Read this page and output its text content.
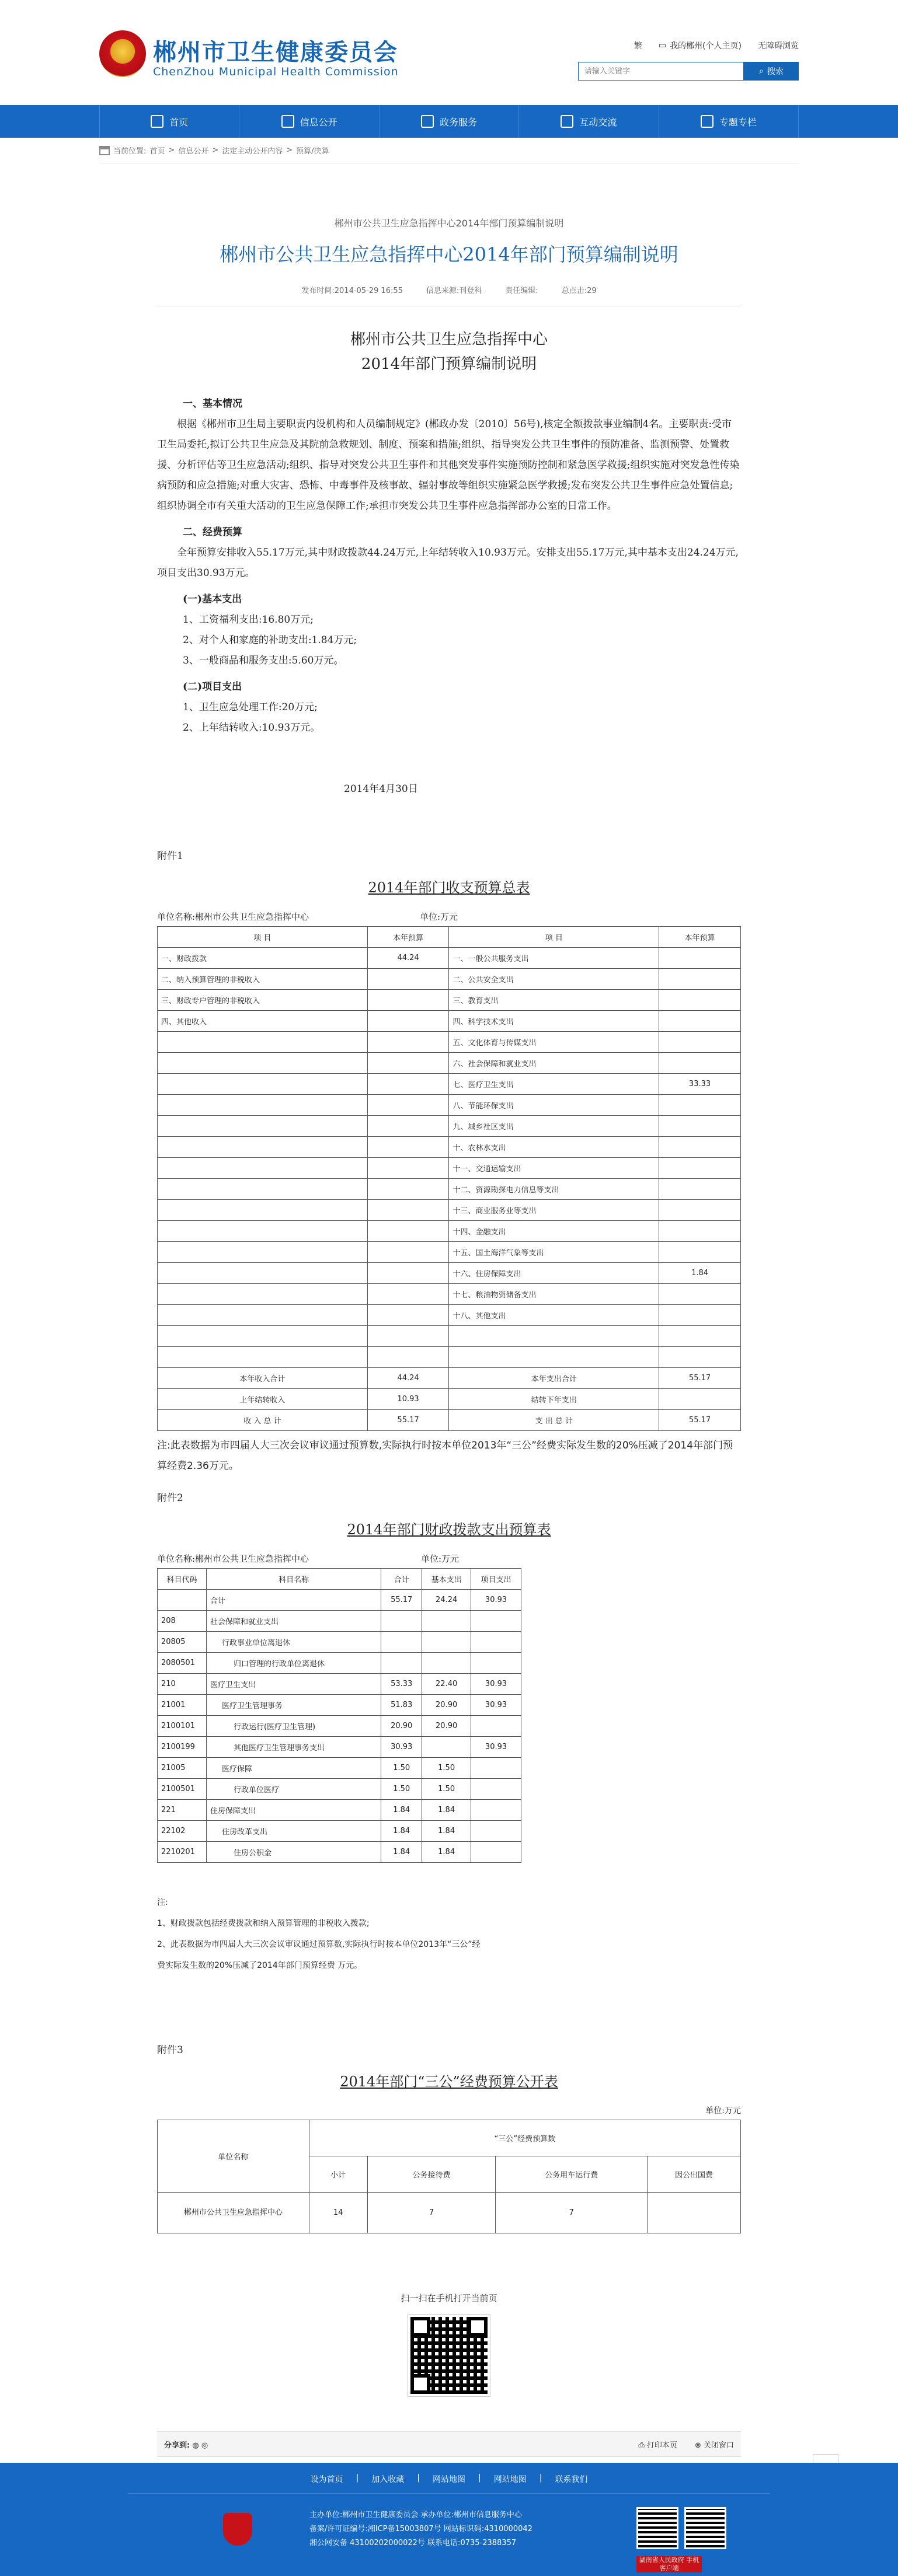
郴州市卫生健康委员会
ChenZhou Municipal Health Commission
繁 ▭ 我的郴州(个人主页) 无障碍浏览
请输入关键字
⌕ 搜索
首页	信息公开	政务服务	互动交流	专题专栏
当前位置: 首页 > 信息公开 > 法定主动公开内容 > 预算/决算
郴州市公共卫生应急指挥中心2014年部门预算编制说明
郴州市公共卫生应急指挥中心2014年部门预算编制说明
发布时间:2014-05-29 16:55	信息来源:刊登科	责任编辑:	总点击:29
郴州市公共卫生应急指挥中心
2014年部门预算编制说明

一、基本情况

根据《郴州市卫生局主要职责内设机构和人员编制规定》(郴政办发〔2010〕56号),核定全额拨款事业编制4名。主要职责:受市卫生局委托,拟订公共卫生应急及其院前急救规划、制度、预案和措施;组织、指导突发公共卫生事件的预防准备、监测预警、处置救援、分析评估等卫生应急活动;组织、指导对突发公共卫生事件和其他突发事件实施预防控制和紧急医学救援;组织实施对突发急性传染病预防和应急措施;对重大灾害、恐怖、中毒事件及核事故、辐射事故等组织实施紧急医学救援;发布突发公共卫生事件应急处置信息;组织协调全市有关重大活动的卫生应急保障工作;承担市突发公共卫生事件应急指挥部办公室的日常工作。

二、经费预算

全年预算安排收入55.17万元,其中财政拨款44.24万元,上年结转收入10.93万元。安排支出55.17万元,其中基本支出24.24万元,项目支出30.93万元。

(一)基本支出

1、工资福利支出:16.80万元;

2、对个人和家庭的补助支出:1.84万元;

3、一般商品和服务支出:5.60万元。

(二)项目支出

1、卫生应急处理工作:20万元;

2、上年结转收入:10.93万元。

2014年4月30日

附件1

2014年部门收支预算总表
单位名称:郴州市公共卫生应急指挥中心	单位:万元
项 目	本年预算	项 目	本年预算
一、财政拨款	44.24	一、一般公共服务支出	
二、纳入预算管理的非税收入		二、公共安全支出	
三、财政专户管理的非税收入		三、教育支出	
四、其他收入		四、科学技术支出	
		五、文化体育与传媒支出	
		六、社会保障和就业支出	
		七、医疗卫生支出	33.33
		八、节能环保支出	
		九、城乡社区支出	
		十、农林水支出	
		十一、交通运输支出	
		十二、资源勘探电力信息等支出	
		十三、商业服务业等支出	
		十四、金融支出	
		十五、国土海洋气象等支出	
		十六、住房保障支出	1.84
		十七、粮油物资储备支出	
		十八、其他支出	

本年收入合计	44.24	本年支出合计	55.17
上年结转收入	10.93	结转下年支出	
收 入 总 计	55.17	支 出 总 计	55.17

注:此表数据为市四届人大三次会议审议通过预算数,实际执行时按本单位2013年“三公”经费实际发生数的20%压减了2014年部门预算经费2.36万元。

附件2

2014年部门财政拨款支出预算表
单位名称:郴州市公共卫生应急指挥中心	单位:万元
科目代码	科目名称	合计	基本支出	项目支出
	合计	55.17	24.24	30.93
208	社会保障和就业支出			
20805	行政事业单位离退休			
2080501	归口管理的行政单位离退休			
210	医疗卫生支出	53.33	22.40	30.93
21001	医疗卫生管理事务	51.83	20.90	30.93
2100101	行政运行(医疗卫生管理)	20.90	20.90	
2100199	其他医疗卫生管理事务支出	30.93		30.93
21005	医疗保障	1.50	1.50	
2100501	行政单位医疗	1.50	1.50	
221	住房保障支出	1.84	1.84	
22102	住房改革支出	1.84	1.84	
2210201	住房公积金	1.84	1.84	
注:
1、财政拨款包括经费拨款和纳入预算管理的非税收入拨款;
2、此表数据为市四届人大三次会议审议通过预算数,实际执行时按本单位2013年“三公”经
费实际发生数的20%压减了2014年部门预算经费 万元。

附件3

2014年部门“三公”经费预算公开表
单位:万元
单位名称	“三公”经费预算数			
	小计	公务接待费	公务用车运行费	因公出国费
郴州市公共卫生应急指挥中心	14	7	7	
扫一扫在手机打开当前页
分享到: ◍ ◎	⎙ 打印本页 ⊗ 关闭窗口
设为首页 | 加入收藏 | 网站地图 | 网站地图 | 联系我们
主办单位:郴州市卫生健康委员会 承办单位:郴州市信息服务中心
备案/许可证编号:湘ICP备15003807号 网站标识码:4310000042
湘公网安备 43100202000022号 联系电话:0735-2388357
湖南省人民政府 手机客户端
